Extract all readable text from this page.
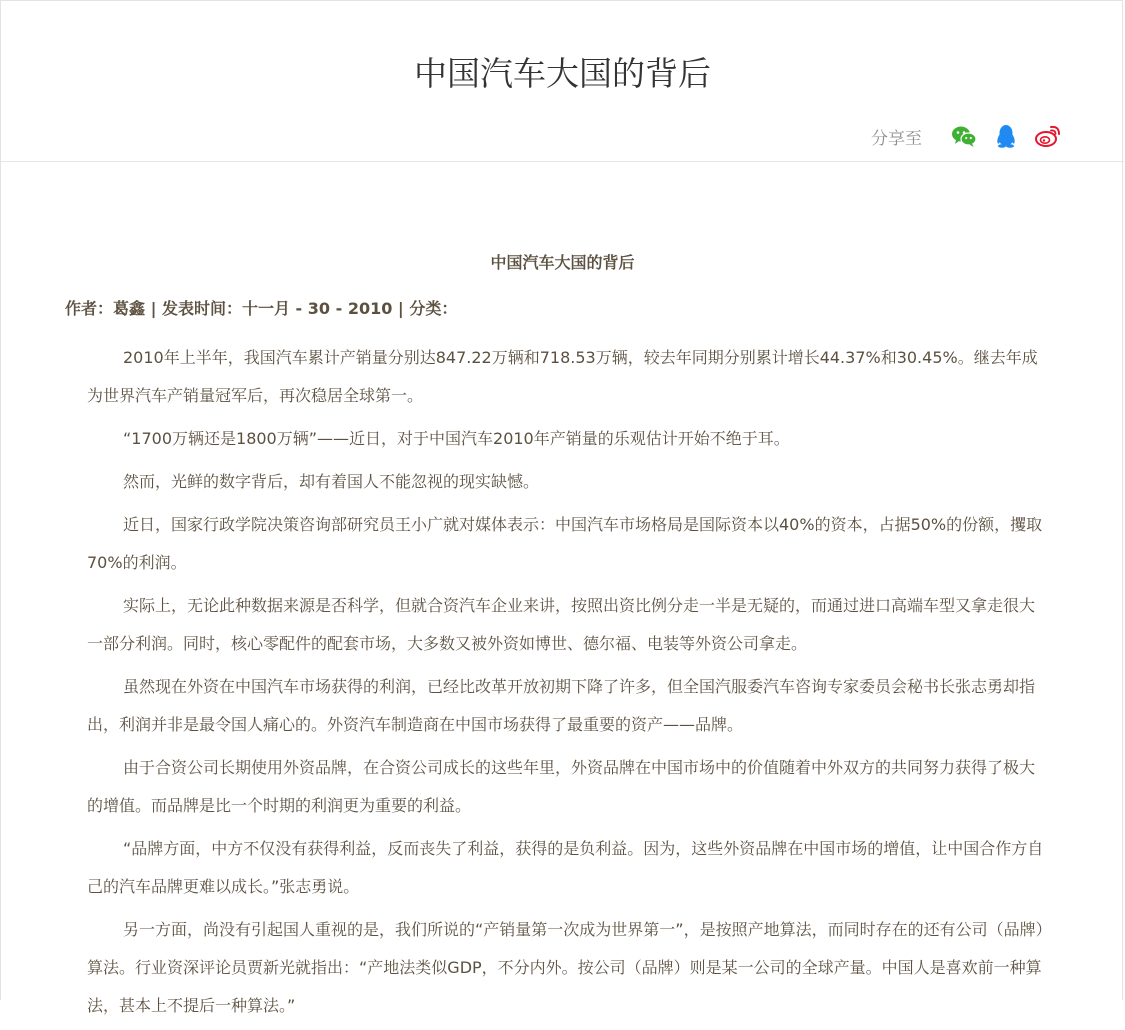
中国汽车大国的背后
分享至
中国汽车大国的背后
作者：葛鑫 | 发表时间：十一月 - 30 - 2010 | 分类：

2010年上半年，我国汽车累计产销量分别达847.22万辆和718.53万辆，较去年同期分别累计增长44.37%和30.45%。继去年成为世界汽车产销量冠军后，再次稳居全球第一。

“1700万辆还是1800万辆”——近日，对于中国汽车2010年产销量的乐观估计开始不绝于耳。

然而，光鲜的数字背后，却有着国人不能忽视的现实缺憾。

近日，国家行政学院决策咨询部研究员王小广就对媒体表示：中国汽车市场格局是国际资本以40%的资本，占据50%的份额，攫取70%的利润。

实际上，无论此种数据来源是否科学，但就合资汽车企业来讲，按照出资比例分走一半是无疑的，而通过进口高端车型又拿走很大一部分利润。同时，核心零配件的配套市场，大多数又被外资如博世、德尔福、电装等外资公司拿走。

虽然现在外资在中国汽车市场获得的利润，已经比改革开放初期下降了许多，但全国汽服委汽车咨询专家委员会秘书长张志勇却指出，利润并非是最令国人痛心的。外资汽车制造商在中国市场获得了最重要的资产——品牌。

由于合资公司长期使用外资品牌，在合资公司成长的这些年里，外资品牌在中国市场中的价值随着中外双方的共同努力获得了极大的增值。而品牌是比一个时期的利润更为重要的利益。

“品牌方面，中方不仅没有获得利益，反而丧失了利益，获得的是负利益。因为，这些外资品牌在中国市场的增值，让中国合作方自己的汽车品牌更难以成长。”张志勇说。

另一方面，尚没有引起国人重视的是，我们所说的“产销量第一次成为世界第一”，是按照产地算法，而同时存在的还有公司（品牌）算法。行业资深评论员贾新光就指出：“产地法类似GDP，不分内外。按公司（品牌）则是某一公司的全球产量。中国人是喜欢前一种算法，甚本上不提后一种算法。”
